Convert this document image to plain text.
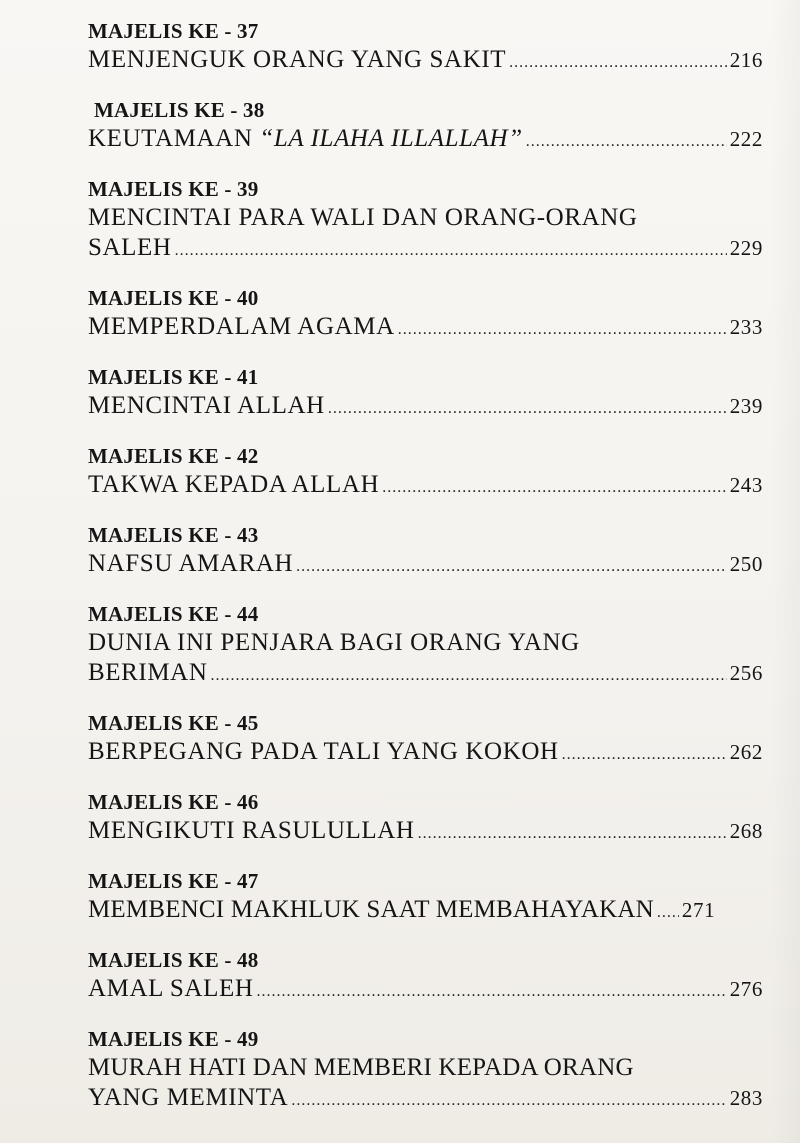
MAJELIS KE - 37
MENJENGUK ORANG YANG SAKIT .....	216
MAJELIS KE - 38
KEUTAMAAN “LA ILAHA ILLALLAH” .....	222
MAJELIS KE - 39
MENCINTAI PARA WALI DAN ORANG-ORANG
SALEH .....	229
MAJELIS KE - 40
MEMPERDALAM AGAMA .....	233
MAJELIS KE - 41
MENCINTAI ALLAH .....	239
MAJELIS KE - 42
TAKWA KEPADA ALLAH .....	243
MAJELIS KE - 43
NAFSU AMARAH .....	250
MAJELIS KE - 44
DUNIA INI PENJARA BAGI ORANG YANG
BERIMAN .....	256
MAJELIS KE - 45
BERPEGANG PADA TALI YANG KOKOH .....	262
MAJELIS KE - 46
MENGIKUTI RASULULLAH .....	268
MAJELIS KE - 47
MEMBENCI MAKHLUK SAAT MEMBAHAYAKAN ..... 271
MAJELIS KE - 48
AMAL SALEH .....	276
MAJELIS KE - 49
MURAH HATI DAN MEMBERI KEPADA ORANG
YANG MEMINTA .....	283
